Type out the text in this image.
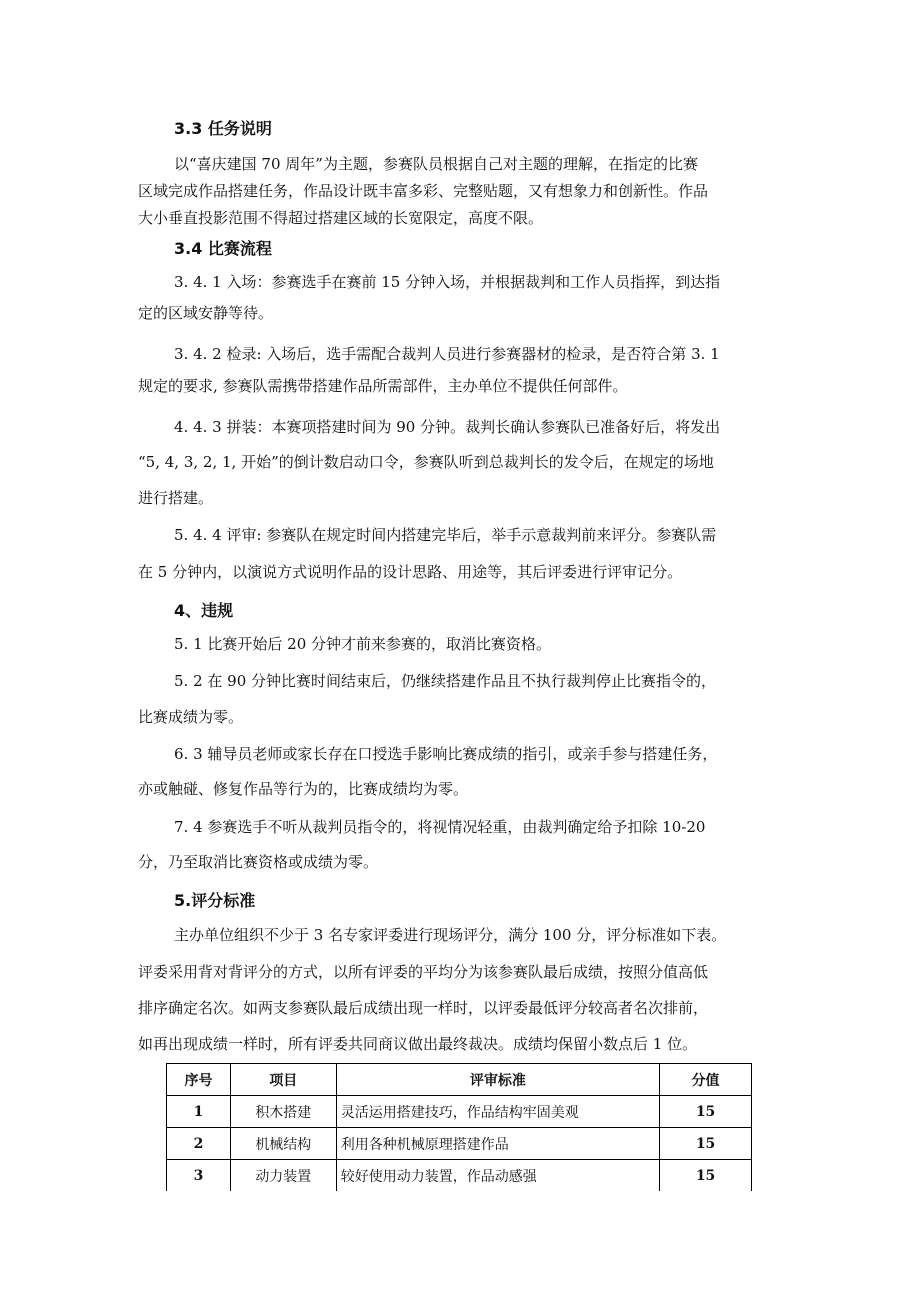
3.3 任务说明

以“喜庆建国 70 周年”为主题，参赛队员根据自己对主题的理解，在指定的比赛

区域完成作品搭建任务，作品设计既丰富多彩、完整贴题，又有想象力和创新性。作品

大小垂直投影范围不得超过搭建区域的长宽限定，高度不限。

3.4 比赛流程

3. 4. 1 入场：参赛选手在赛前 15 分钟入场，并根据裁判和工作人员指挥，到达指

定的区域安静等待。

3. 4. 2 检录: 入场后，选手需配合裁判人员进行参赛器材的检录，是否符合第 3. 1

规定的要求, 参赛队需携带搭建作品所需部件，主办单位不提供任何部件。

4. 4. 3 拼装：本赛项搭建时间为 90 分钟。裁判长确认参赛队已准备好后，将发出

“5, 4, 3, 2, 1, 开始”的倒计数启动口令，参赛队听到总裁判长的发令后，在规定的场地

进行搭建。

5. 4. 4 评审: 参赛队在规定时间内搭建完毕后，举手示意裁判前来评分。参赛队需

在 5 分钟内，以演说方式说明作品的设计思路、用途等，其后评委进行评审记分。

4、违规

5. 1 比赛开始后 20 分钟才前来参赛的，取消比赛资格。

5. 2 在 90 分钟比赛时间结束后，仍继续搭建作品且不执行裁判停止比赛指令的，

比赛成绩为零。

6. 3 辅导员老师或家长存在口授选手影响比赛成绩的指引，或亲手参与搭建任务，

亦或触碰、修复作品等行为的，比赛成绩均为零。

7. 4 参赛选手不听从裁判员指令的，将视情况轻重，由裁判确定给予扣除 10-20

分，乃至取消比赛资格或成绩为零。

5.评分标准

主办单位组织不少于 3 名专家评委进行现场评分，满分 100 分，评分标准如下表。

评委采用背对背评分的方式，以所有评委的平均分为该参赛队最后成绩，按照分值高低

排序确定名次。如两支参赛队最后成绩出现一样时，以评委最低评分较高者名次排前，

如再出现成绩一样时，所有评委共同商议做出最终裁决。成绩均保留小数点后 1 位。

序号	项目	评审标准	分值
1	积木搭建	灵活运用搭建技巧，作品结构牢固美观	15
2	机械结构	利用各种机械原理搭建作品	15
3	动力装置	较好使用动力装置，作品动感强	15
